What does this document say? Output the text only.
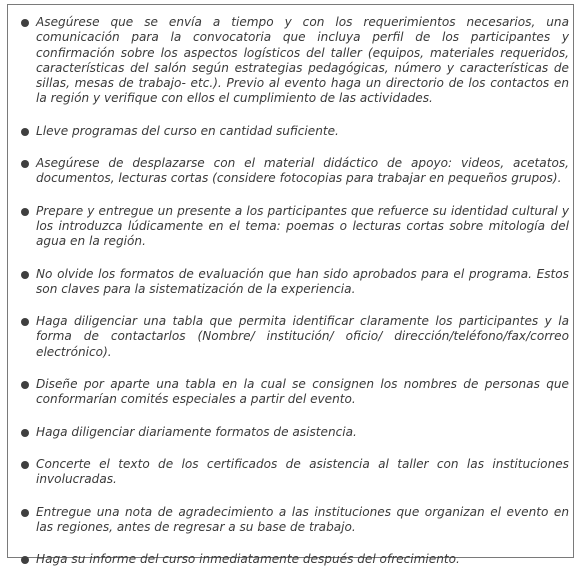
Asegúrese que se envía a tiempo y con los requerimientos necesarios, una comunicación para la convocatoria que incluya perfil de los participantes y confirmación sobre los aspectos logísticos del taller (equipos, materiales requeridos, características del salón según estrategias pedagógicas, número y características de sillas, mesas de trabajo- etc.). Previo al evento haga un directorio de los contactos en la región y verifique con ellos el cumplimiento de las actividades.
Lleve programas del curso en cantidad suficiente.
Asegúrese de desplazarse con el material didáctico de apoyo: videos, acetatos, documentos, lecturas cortas (considere fotocopias para trabajar en pequeños grupos).
Prepare y entregue un presente a los participantes que refuerce su identidad cultural y los introduzca lúdicamente en el tema: poemas o lecturas cortas sobre mitología del agua en la región.
No olvide los formatos de evaluación que han sido aprobados para el programa. Estos son claves para la sistematización de la experiencia.
Haga diligenciar una tabla que permita identificar claramente los participantes y la forma de contactarlos (Nombre/ institución/ oficio/ dirección/teléfono/fax/correo electrónico).
Diseñe por aparte una tabla en la cual se consignen los nombres de personas que conformarían comités especiales a partir del evento.
Haga diligenciar diariamente formatos de asistencia.
Concerte el texto de los certificados de asistencia al taller con las instituciones involucradas.
Entregue una nota de agradecimiento a las instituciones que organizan el evento en las regiones, antes de regresar a su base de trabajo.
Haga su informe del curso inmediatamente después del ofrecimiento.
